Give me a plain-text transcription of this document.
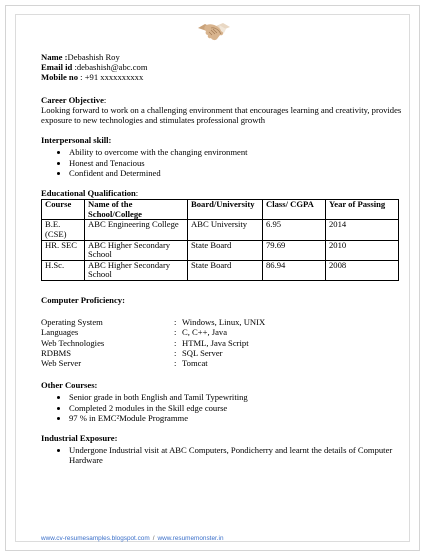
Name :Debashish Roy
Email id :debashish@abc.com
Mobile no : +91 xxxxxxxxxx
Career Objective:
Looking forward to work on a challenging environment that encourages learning and creativity, provides exposure to new technologies and stimulates professional growth
Interpersonal skill:
• Ability to overcome with the changing environment
• Honest and Tenacious
• Confident and Determined
Educational Qualification:
Course	Name of the School/College	Board/University	Class/ CGPA	Year of Passing
B.E.(CSE)	ABC Engineering College	ABC University	6.95	2014
HR. SEC	ABC Higher Secondary School	State Board	79.69	2010
H.Sc.	ABC Higher Secondary School	State Board	86.94	2008
Computer Proficiency:
Operating System	: Windows, Linux, UNIX
Languages	: C, C++, Java
Web Technologies	: HTML, Java Script
RDBMS	: SQL Server
Web Server	: Tomcat
Other Courses:
• Senior grade in both English and Tamil Typewriting
• Completed 2 modules in the Skill edge course
• 97 % in EMC²Module Programme
Industrial Exposure:
• Undergone Industrial visit at ABC Computers, Pondicherry and learnt the details of Computer Hardware
www.cv-resumesamples.blogspot.com / www.resumemonster.in
